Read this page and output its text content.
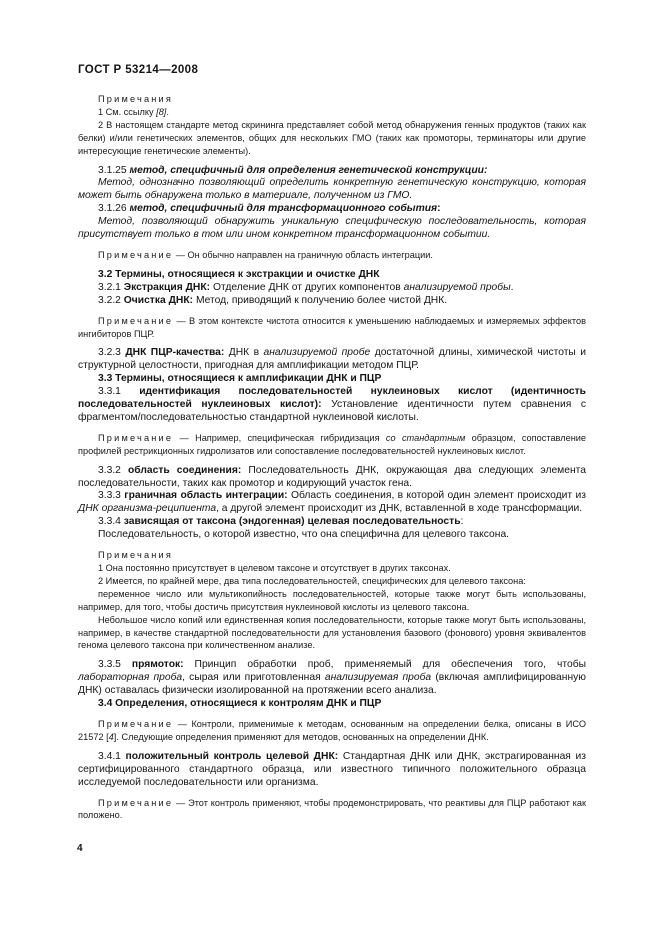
ГОСТ Р 53214—2008

Примечания

1 См. ссылку [8].

2 В настоящем стандарте метод скрининга представляет собой метод обнаружения генных продуктов (таких как белки) и/или генетических элементов, общих для нескольких ГМО (таких как промоторы, терминаторы или другие интересующие генетические элементы).

3.1.25 метод, специфичный для определения генетической конструкции:

Метод, однозначно позволяющий определить конкретную генетическую конструкцию, которая может быть обнаружена только в материале, полученном из ГМО.

3.1.26 метод, специфичный для трансформационного события:

Метод, позволяющий обнаружить уникальную специфическую последовательность, которая присутствует только в том или ином конкретном трансформационном событии.

Примечание — Он обычно направлен на граничную область интеграции.

3.2 Термины, относящиеся к экстракции и очистке ДНК

3.2.1 Экстракция ДНК: Отделение ДНК от других компонентов анализируемой пробы.

3.2.2 Очистка ДНК: Метод, приводящий к получению более чистой ДНК.

Примечание — В этом контексте чистота относится к уменьшению наблюдаемых и измеряемых эффектов ингибиторов ПЦР.

3.2.3 ДНК ПЦР-качества: ДНК в анализируемой пробе достаточной длины, химической чистоты и структурной целостности, пригодная для амплификации методом ПЦР.

3.3 Термины, относящиеся к амплификации ДНК и ПЦР

3.3.1 идентификация последовательностей нуклеиновых кислот (идентичность последовательностей нуклеиновых кислот): Установление идентичности путем сравнения с фрагментом/последовательностью стандартной нуклеиновой кислоты.

Примечание — Например, специфическая гибридизация со стандартным образцом, сопоставление профилей рестрикционных гидролизатов или сопоставление последовательностей нуклеиновых кислот.

3.3.2 область соединения: Последовательность ДНК, окружающая два следующих элемента последовательности, таких как промотор и кодирующий участок гена.

3.3.3 граничная область интеграции: Область соединения, в которой один элемент происходит из ДНК организма-реципиента, а другой элемент происходит из ДНК, вставленной в ходе трансформации.

3.3.4 зависящая от таксона (эндогенная) целевая последовательность:

Последовательность, о которой известно, что она специфична для целевого таксона.

Примечания

1 Она постоянно присутствует в целевом таксоне и отсутствует в других таксонах.

2 Имеется, по крайней мере, два типа последовательностей, специфических для целевого таксона:

переменное число или мультикопийность последовательностей, которые также могут быть использованы, например, для того, чтобы достичь присутствия нуклеиновой кислоты из целевого таксона.

Небольшое число копий или единственная копия последовательности, которые также могут быть использованы, например, в качестве стандартной последовательности для установления базового (фонового) уровня эквивалентов генома целевого таксона при количественном анализе.

3.3.5 прямоток: Принцип обработки проб, применяемый для обеспечения того, чтобы лабораторная проба, сырая или приготовленная анализируемая проба (включая амплифицированную ДНК) оставалась физически изолированной на протяжении всего анализа.

3.4 Определения, относящиеся к контролям ДНК и ПЦР

Примечание — Контроли, применимые к методам, основанным на определении белка, описаны в ИСО 21572 [4]. Следующие определения применяют для методов, основанных на определении ДНК.

3.4.1 положительный контроль целевой ДНК: Стандартная ДНК или ДНК, экстрагированная из сертифицированного стандартного образца, или известного типичного положительного образца исследуемой последовательности или организма.

Примечание — Этот контроль применяют, чтобы продемонстрировать, что реактивы для ПЦР работают как положено.

4
